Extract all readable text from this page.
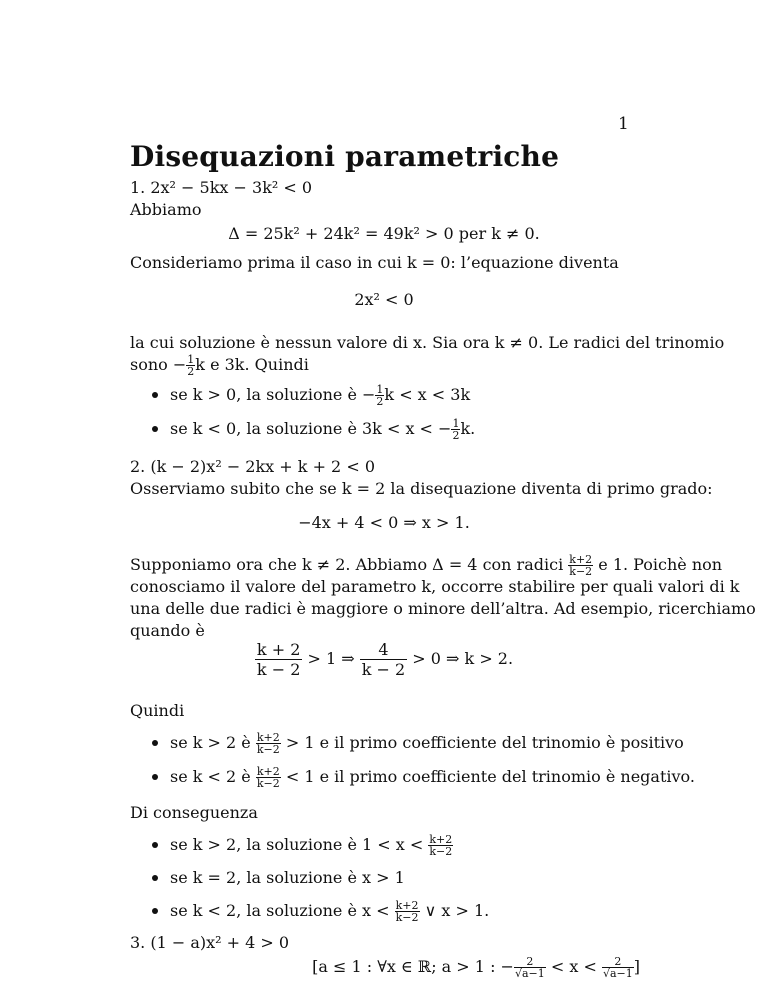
1
Disequazioni parametriche
1. 2x² − 5kx − 3k² < 0
Abbiamo
Δ = 25k² + 24k² = 49k² > 0 per k ≠ 0.
Consideriamo prima il caso in cui k = 0: l’equazione diventa
2x² < 0
la cui soluzione è nessun valore di x. Sia ora k ≠ 0. Le radici del trinomio
sono − $\frac{1}{2}$ k e 3k. Quindi
se k > 0, la soluzione è − $\frac{1}{2}$ k < x < 3k
se k < 0, la soluzione è 3k < x < − $\frac{1}{2} k$.
2. (k − 2)x² − 2kx + k + 2 < 0
Osserviamo subito che se k = 2 la disequazione diventa di primo grado:
−4x + 4 < 0 ⇒ x > 1.
Supponiamo ora che k ≠ 2. Abbiamo Δ = 4 con radici $\frac{k+2}{k-2}$ e 1. Poichè non
conosciamo il valore del parametro k, occorre stabilire per quali valori di k
una delle due radici è maggiore o minore dell’altra. Ad esempio, ricerchiamo
quando è
$\frac{k + 2}{k - 2} > 1$ ⇒ $\frac{4}{k - 2} > 0$ ⇒ k > 2.
Quindi
se k > 2 è $\frac{k+2}{k-2} > 1$ e il primo coefficiente del trinomio è positivo
se k < 2 è $\frac{k+2}{k-2} < 1$ e il primo coefficiente del trinomio è negativo.
Di conseguenza
se k > 2, la soluzione è $1 < x < \frac{k+2}{k-2}$
se k = 2, la soluzione è x > 1
se k < 2, la soluzione è $x < \frac{k+2}{k-2}$ ∨ x > 1.
3. (1 − a)x² + 4 > 0
[a ≤ 1 : ∀x ∈ ℝ; a > 1 : − $\frac{2}{√a-1} < x < \frac{2}{√a-1}$ ]
